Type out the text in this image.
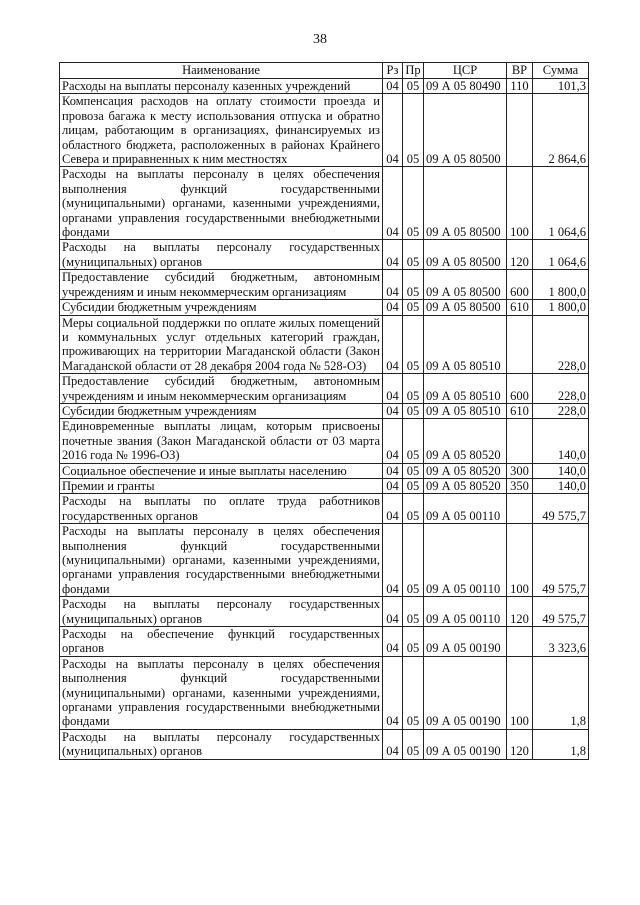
38
Наименование	Рз	Пр	ЦСР	ВР	Сумма
Расходы на выплаты персоналу казенных учреждений	04	05	09 А 05 80490	110	101,3
Компенсация расходов на оплату стоимости проезда и провоза багажа к месту использования отпуска и обратно лицам, работающим в организациях, финансируемых из областного бюджета, расположенных в районах Крайнего Севера и приравненных к ним местностях	04	05	09 А 05 80500		2 864,6
Расходы на выплаты персоналу в целях обеспечения выполнения функций государственными (муниципальными) органами, казенными учреждениями, органами управления государственными внебюджетными фондами	04	05	09 А 05 80500	100	1 064,6
Расходы на выплаты персоналу государственных (муниципальных) органов	04	05	09 А 05 80500	120	1 064,6
Предоставление субсидий бюджетным, автономным учреждениям и иным некоммерческим организациям	04	05	09 А 05 80500	600	1 800,0
Субсидии бюджетным учреждениям	04	05	09 А 05 80500	610	1 800,0
Меры социальной поддержки по оплате жилых помещений и коммунальных услуг отдельных категорий граждан, проживающих на территории Магаданской области (Закон Магаданской области от 28 декабря 2004 года № 528-ОЗ)	04	05	09 А 05 80510		228,0
Предоставление субсидий бюджетным, автономным учреждениям и иным некоммерческим организациям	04	05	09 А 05 80510	600	228,0
Субсидии бюджетным учреждениям	04	05	09 А 05 80510	610	228,0
Единовременные выплаты лицам, которым присвоены почетные звания (Закон Магаданской области от 03 марта 2016 года № 1996-ОЗ)	04	05	09 А 05 80520		140,0
Социальное обеспечение и иные выплаты населению	04	05	09 А 05 80520	300	140,0
Премии и гранты	04	05	09 А 05 80520	350	140,0
Расходы на выплаты по оплате труда работников государственных органов	04	05	09 А 05 00110		49 575,7
Расходы на выплаты персоналу в целях обеспечения выполнения функций государственными (муниципальными) органами, казенными учреждениями, органами управления государственными внебюджетными фондами	04	05	09 А 05 00110	100	49 575,7
Расходы на выплаты персоналу государственных (муниципальных) органов	04	05	09 А 05 00110	120	49 575,7
Расходы на обеспечение функций государственных органов	04	05	09 А 05 00190		3 323,6
Расходы на выплаты персоналу в целях обеспечения выполнения функций государственными (муниципальными) органами, казенными учреждениями, органами управления государственными внебюджетными фондами	04	05	09 А 05 00190	100	1,8
Расходы на выплаты персоналу государственных (муниципальных) органов	04	05	09 А 05 00190	120	1,8
